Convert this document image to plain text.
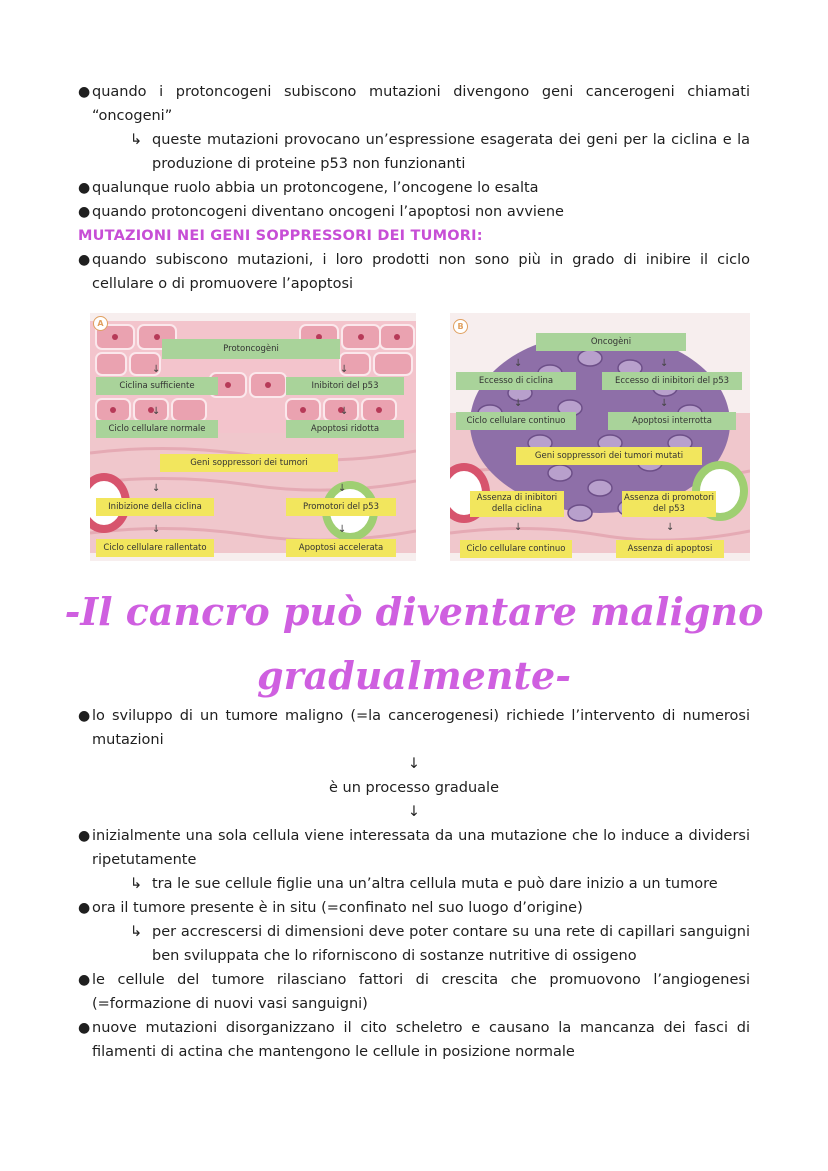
● quando i protoncogeni subiscono mutazioni divengono geni cancerogeni chiamati “oncogeni”
↳ queste mutazioni provocano un’espressione esagerata dei geni per la ciclina e la produzione di proteine p53 non funzionanti
● qualunque ruolo abbia un protoncogene, l’oncogene lo esalta
● quando protoncogeni diventano oncogeni l’apoptosi non avviene
MUTAZIONI NEI GENI SOPPRESSORI DEI TUMORI:
● quando subiscono mutazioni, i loro prodotti non sono più in grado di inibire il ciclo cellulare o di promuovere l’apoptosi
A
Protoncogèni
Ciclina sufficiente	Inibitori del p53
Ciclo cellulare normale	Apoptosi ridotta
Geni soppressori dei tumori
Inibizione della ciclina	Promotori del p53
Ciclo cellulare rallentato	Apoptosi accelerata
↓	↓
↓	↓
↓	↓
↓	↓
B
Oncogèni
Eccesso di ciclina	Eccesso di inibitori del p53
Ciclo cellulare continuo	Apoptosi interrotta
Geni soppressori dei tumori mutati
Assenza di inibitori della ciclina
Assenza di promotori del p53
Ciclo cellulare continuo	Assenza di apoptosi
↓	↓
↓	↓
↓	↓
-Il cancro può diventare maligno
gradualmente-
● lo sviluppo di un tumore maligno (=la cancerogenesi) richiede l’intervento di numerosi mutazioni
↓
è un processo graduale
↓
● inizialmente una sola cellula viene interessata da una mutazione che lo induce a dividersi ripetutamente
↳ tra le sue cellule figlie una un’altra cellula muta e può dare inizio a un tumore
● ora il tumore presente è in situ (=confinato nel suo luogo d’origine)
↳ per accrescersi di dimensioni deve poter contare su una rete di capillari sanguigni ben sviluppata che lo riforniscono di sostanze nutritive di ossigeno
● le cellule del tumore rilasciano fattori di crescita che promuovono l’angiogenesi (=formazione di nuovi vasi sanguigni)
● nuove mutazioni disorganizzano il cito scheletro e causano la mancanza dei fasci di filamenti di actina che mantengono le cellule in posizione normale
